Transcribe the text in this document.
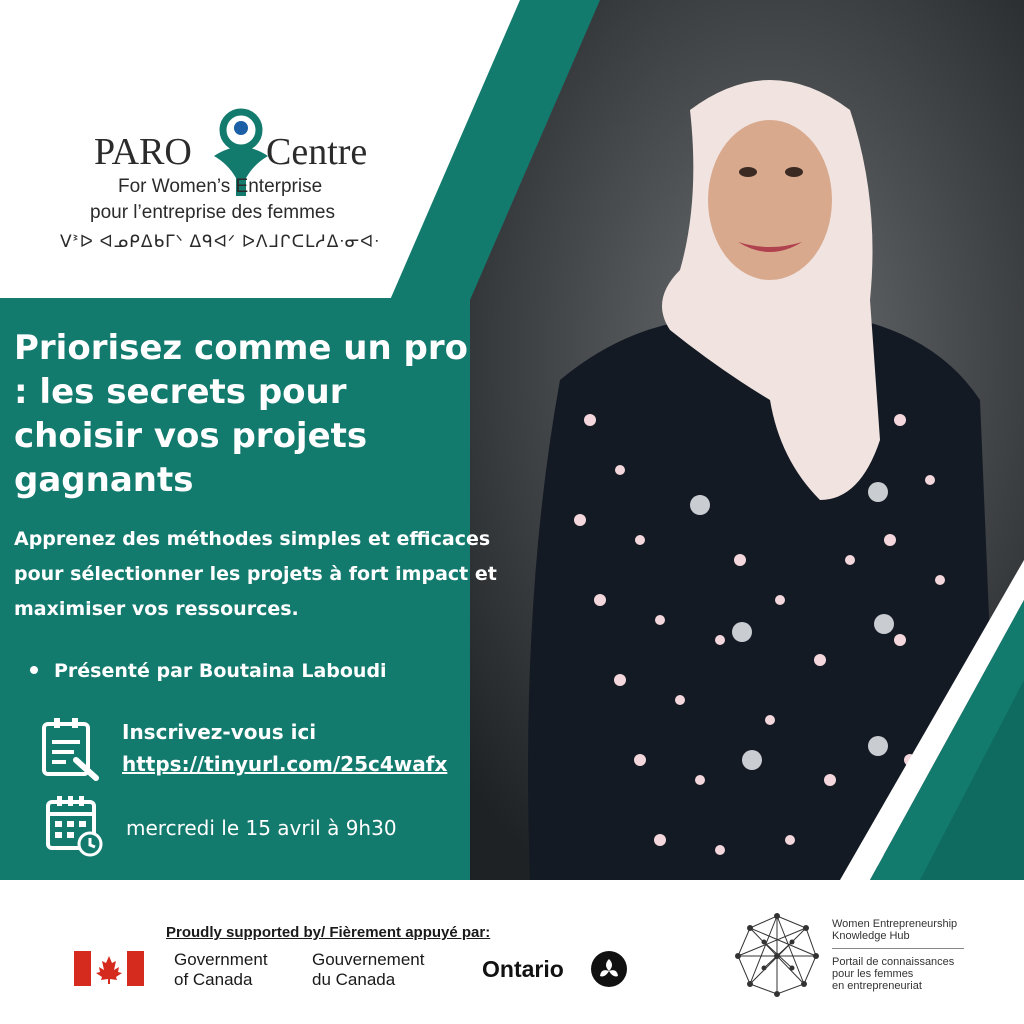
PARO Centre
For Women’s Enterprise
pour l’entreprise des femmes
ᐯᕑᐅ ᐊᓄᑭᐃᑲᒥᐠ ᐃᑫᐊᐟ ᐅᐱᒧᒋᑕᒪᓱᐃᐧᓂᐊᐧ
Priorisez comme un pro : les secrets pour choisir vos projets gagnants
Apprenez des méthodes simples et efficaces pour sélectionner les projets à fort impact et maximiser vos ressources.
Présenté par Boutaina Laboudi
Inscrivez-vous ici
https://tinyurl.com/25c4wafx
mercredi le 15 avril à 9h30
Proudly supported by/ Fièrement appuyé par:
Government
of Canada
Gouvernement
du Canada	Ontario
Women Entrepreneurship
Knowledge Hub
Portail de connaissances
pour les femmes
en entrepreneuriat
